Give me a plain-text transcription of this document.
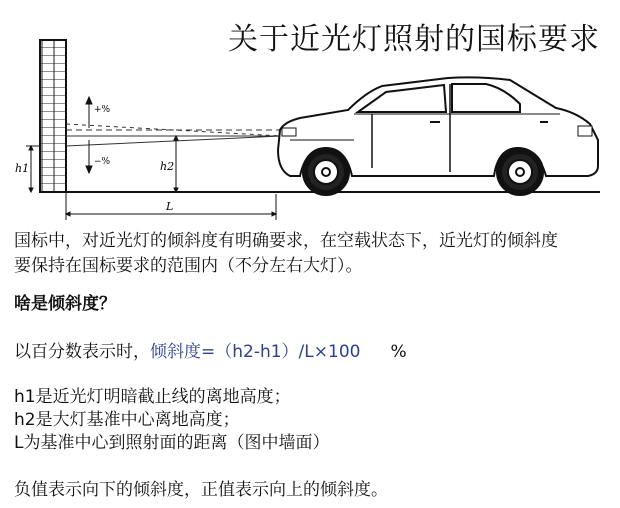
关于近光灯照射的国标要求
+%
−%
h1	h2
L
国标中，对近光灯的倾斜度有明确要求，在空载状态下，近光灯的倾斜度
要保持在国标要求的范围内（不分左右大灯）。
啥是倾斜度？
以百分数表示时，倾斜度=（h2-h1）/L×100 %
h1是近光灯明暗截止线的离地高度；
h2是大灯基准中心离地高度；
L为基准中心到照射面的距离（图中墙面）
负值表示向下的倾斜度，正值表示向上的倾斜度。
